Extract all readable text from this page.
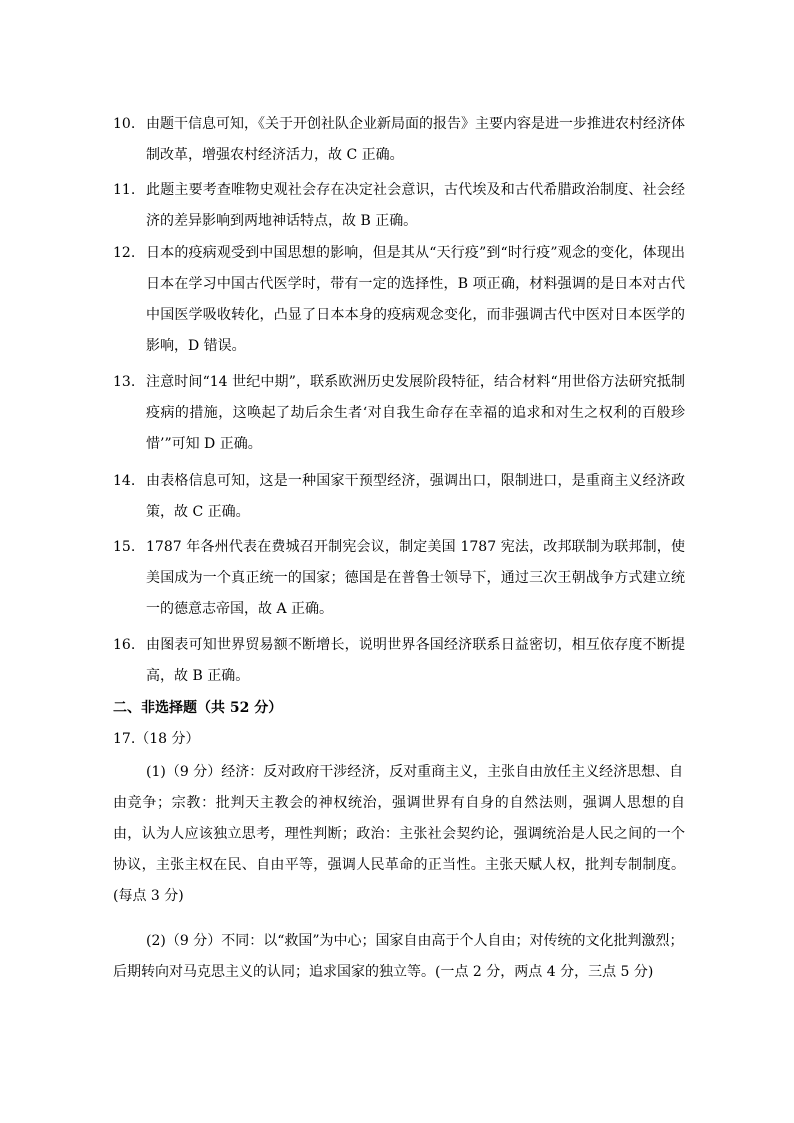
10. 由题干信息可知，《关于开创社队企业新局面的报告》主要内容是进一步推进农村经济体制改革，增强农村经济活力，故 C 正确。
11. 此题主要考查唯物史观社会存在决定社会意识，古代埃及和古代希腊政治制度、社会经济的差异影响到两地神话特点，故 B 正确。
12. 日本的疫病观受到中国思想的影响，但是其从“天行疫”到“时行疫”观念的变化，体现出日本在学习中国古代医学时，带有一定的选择性，B 项正确，材料强调的是日本对古代中国医学吸收转化，凸显了日本本身的疫病观念变化，而非强调古代中医对日本医学的影响，D 错误。
13. 注意时间“14 世纪中期”，联系欧洲历史发展阶段特征，结合材料“用世俗方法研究抵制疫病的措施，这唤起了劫后余生者‘对自我生命存在幸福的追求和对生之权利的百般珍惜’”可知 D 正确。
14. 由表格信息可知，这是一种国家干预型经济，强调出口，限制进口，是重商主义经济政策，故 C 正确。
15. 1787 年各州代表在费城召开制宪会议，制定美国 1787 宪法，改邦联制为联邦制，使美国成为一个真正统一的国家；德国是在普鲁士领导下，通过三次王朝战争方式建立统一的德意志帝国，故 A 正确。
16. 由图表可知世界贸易额不断增长，说明世界各国经济联系日益密切，相互依存度不断提高，故 B 正确。
二、非选择题（共 52 分）
17.（18 分）
(1)（9 分）经济：反对政府干涉经济，反对重商主义，主张自由放任主义经济思想、自
由竞争；宗教：批判天主教会的神权统治，强调世界有自身的自然法则，强调人思想的自由，认为人应该独立思考，理性判断；政治：主张社会契约论，强调统治是人民之间的一个协议，主张主权在民、自由平等，强调人民革命的正当性。主张天赋人权，批判专制制度。(每点 3 分)
(2)（9 分）不同：以“救国”为中心；国家自由高于个人自由；对传统的文化批判激烈；
后期转向对马克思主义的认同；追求国家的独立等。(一点 2 分，两点 4 分，三点 5 分)
